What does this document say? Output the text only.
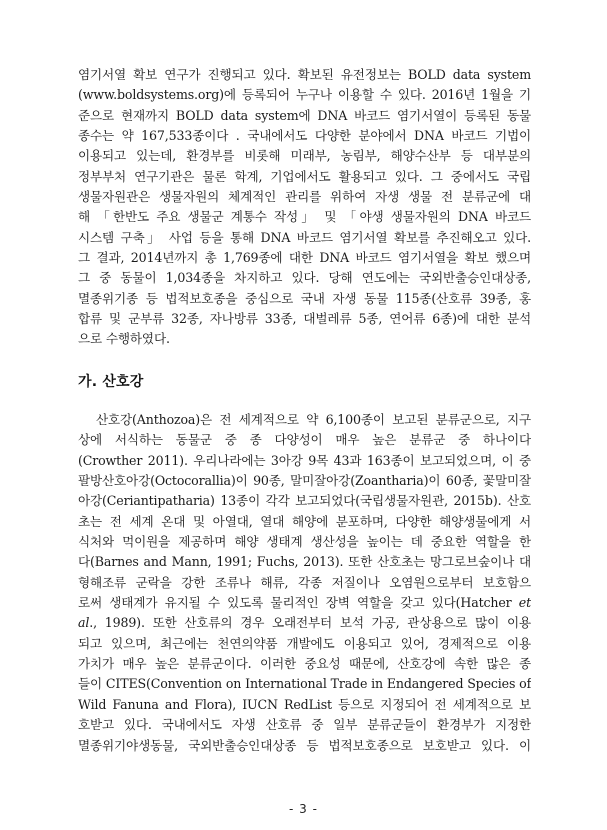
염기서열 확보 연구가 진행되고 있다. 확보된 유전정보는 BOLD data system
(www.boldsystems.org)에 등록되어 누구나 이용할 수 있다. 2016년 1월을 기
준으로 현재까지 BOLD data system에 DNA 바코드 염기서열이 등록된 동물
종수는 약 167,533종이다 . 국내에서도 다양한 분야에서 DNA 바코드 기법이
이용되고 있는데, 환경부를 비롯해 미래부, 농림부, 해양수산부 등 대부분의
정부부처 연구기관은 물론 학계, 기업에서도 활용되고 있다. 그 중에서도 국립
생물자원관은 생물자원의 체계적인 관리를 위하여 자생 생물 전 분류군에 대
해 「한반도 주요 생물군 계통수 작성」 및 「야생 생물자원의 DNA 바코드
시스템 구축」 사업 등을 통해 DNA 바코드 염기서열 확보를 추진해오고 있다.
그 결과, 2014년까지 총 1,769종에 대한 DNA 바코드 염기서열을 확보 했으며
그 중 동물이 1,034종을 차지하고 있다. 당해 연도에는 국외반출승인대상종,
멸종위기종 등 법적보호종을 중심으로 국내 자생 동물 115종(산호류 39종, 홍
합류 및 군부류 32종, 자나방류 33종, 대벌레류 5종, 연어류 6종)에 대한 분석
으로 수행하였다.

가. 산호강

산호강(Anthozoa)은 전 세계적으로 약 6,100종이 보고된 분류군으로, 지구
상에 서식하는 동물군 중 종 다양성이 매우 높은 분류군 중 하나이다
(Crowther 2011). 우리나라에는 3아강 9목 43과 163종이 보고되었으며, 이 중
팔방산호아강(Octocorallia)이 90종, 말미잘아강(Zoantharia)이 60종, 꽃말미잘
아강(Ceriantipatharia) 13종이 각각 보고되었다(국립생물자원관, 2015b). 산호
초는 전 세계 온대 및 아열대, 열대 해양에 분포하며, 다양한 해양생물에게 서
식처와 먹이원을 제공하며 해양 생태계 생산성을 높이는 데 중요한 역할을 한
다(Barnes and Mann, 1991; Fuchs, 2013). 또한 산호초는 망그로브숲이나 대
형해조류 군락을 강한 조류나 해류, 각종 저질이나 오염원으로부터 보호함으
로써 생태계가 유지될 수 있도록 물리적인 장벽 역할을 갖고 있다(Hatcher et
al., 1989). 또한 산호류의 경우 오래전부터 보석 가공, 관상용으로 많이 이용
되고 있으며, 최근에는 천연의약품 개발에도 이용되고 있어, 경제적으로 이용
가치가 매우 높은 분류군이다. 이러한 중요성 때문에, 산호강에 속한 많은 종
들이 CITES(Convention on International Trade in Endangered Species of
Wild Fanuna and Flora), IUCN RedList 등으로 지정되어 전 세계적으로 보
호받고 있다. 국내에서도 자생 산호류 중 일부 분류군들이 환경부가 지정한
멸종위기야생동물, 국외반출승인대상종 등 법적보호종으로 보호받고 있다. 이

- 3 -
